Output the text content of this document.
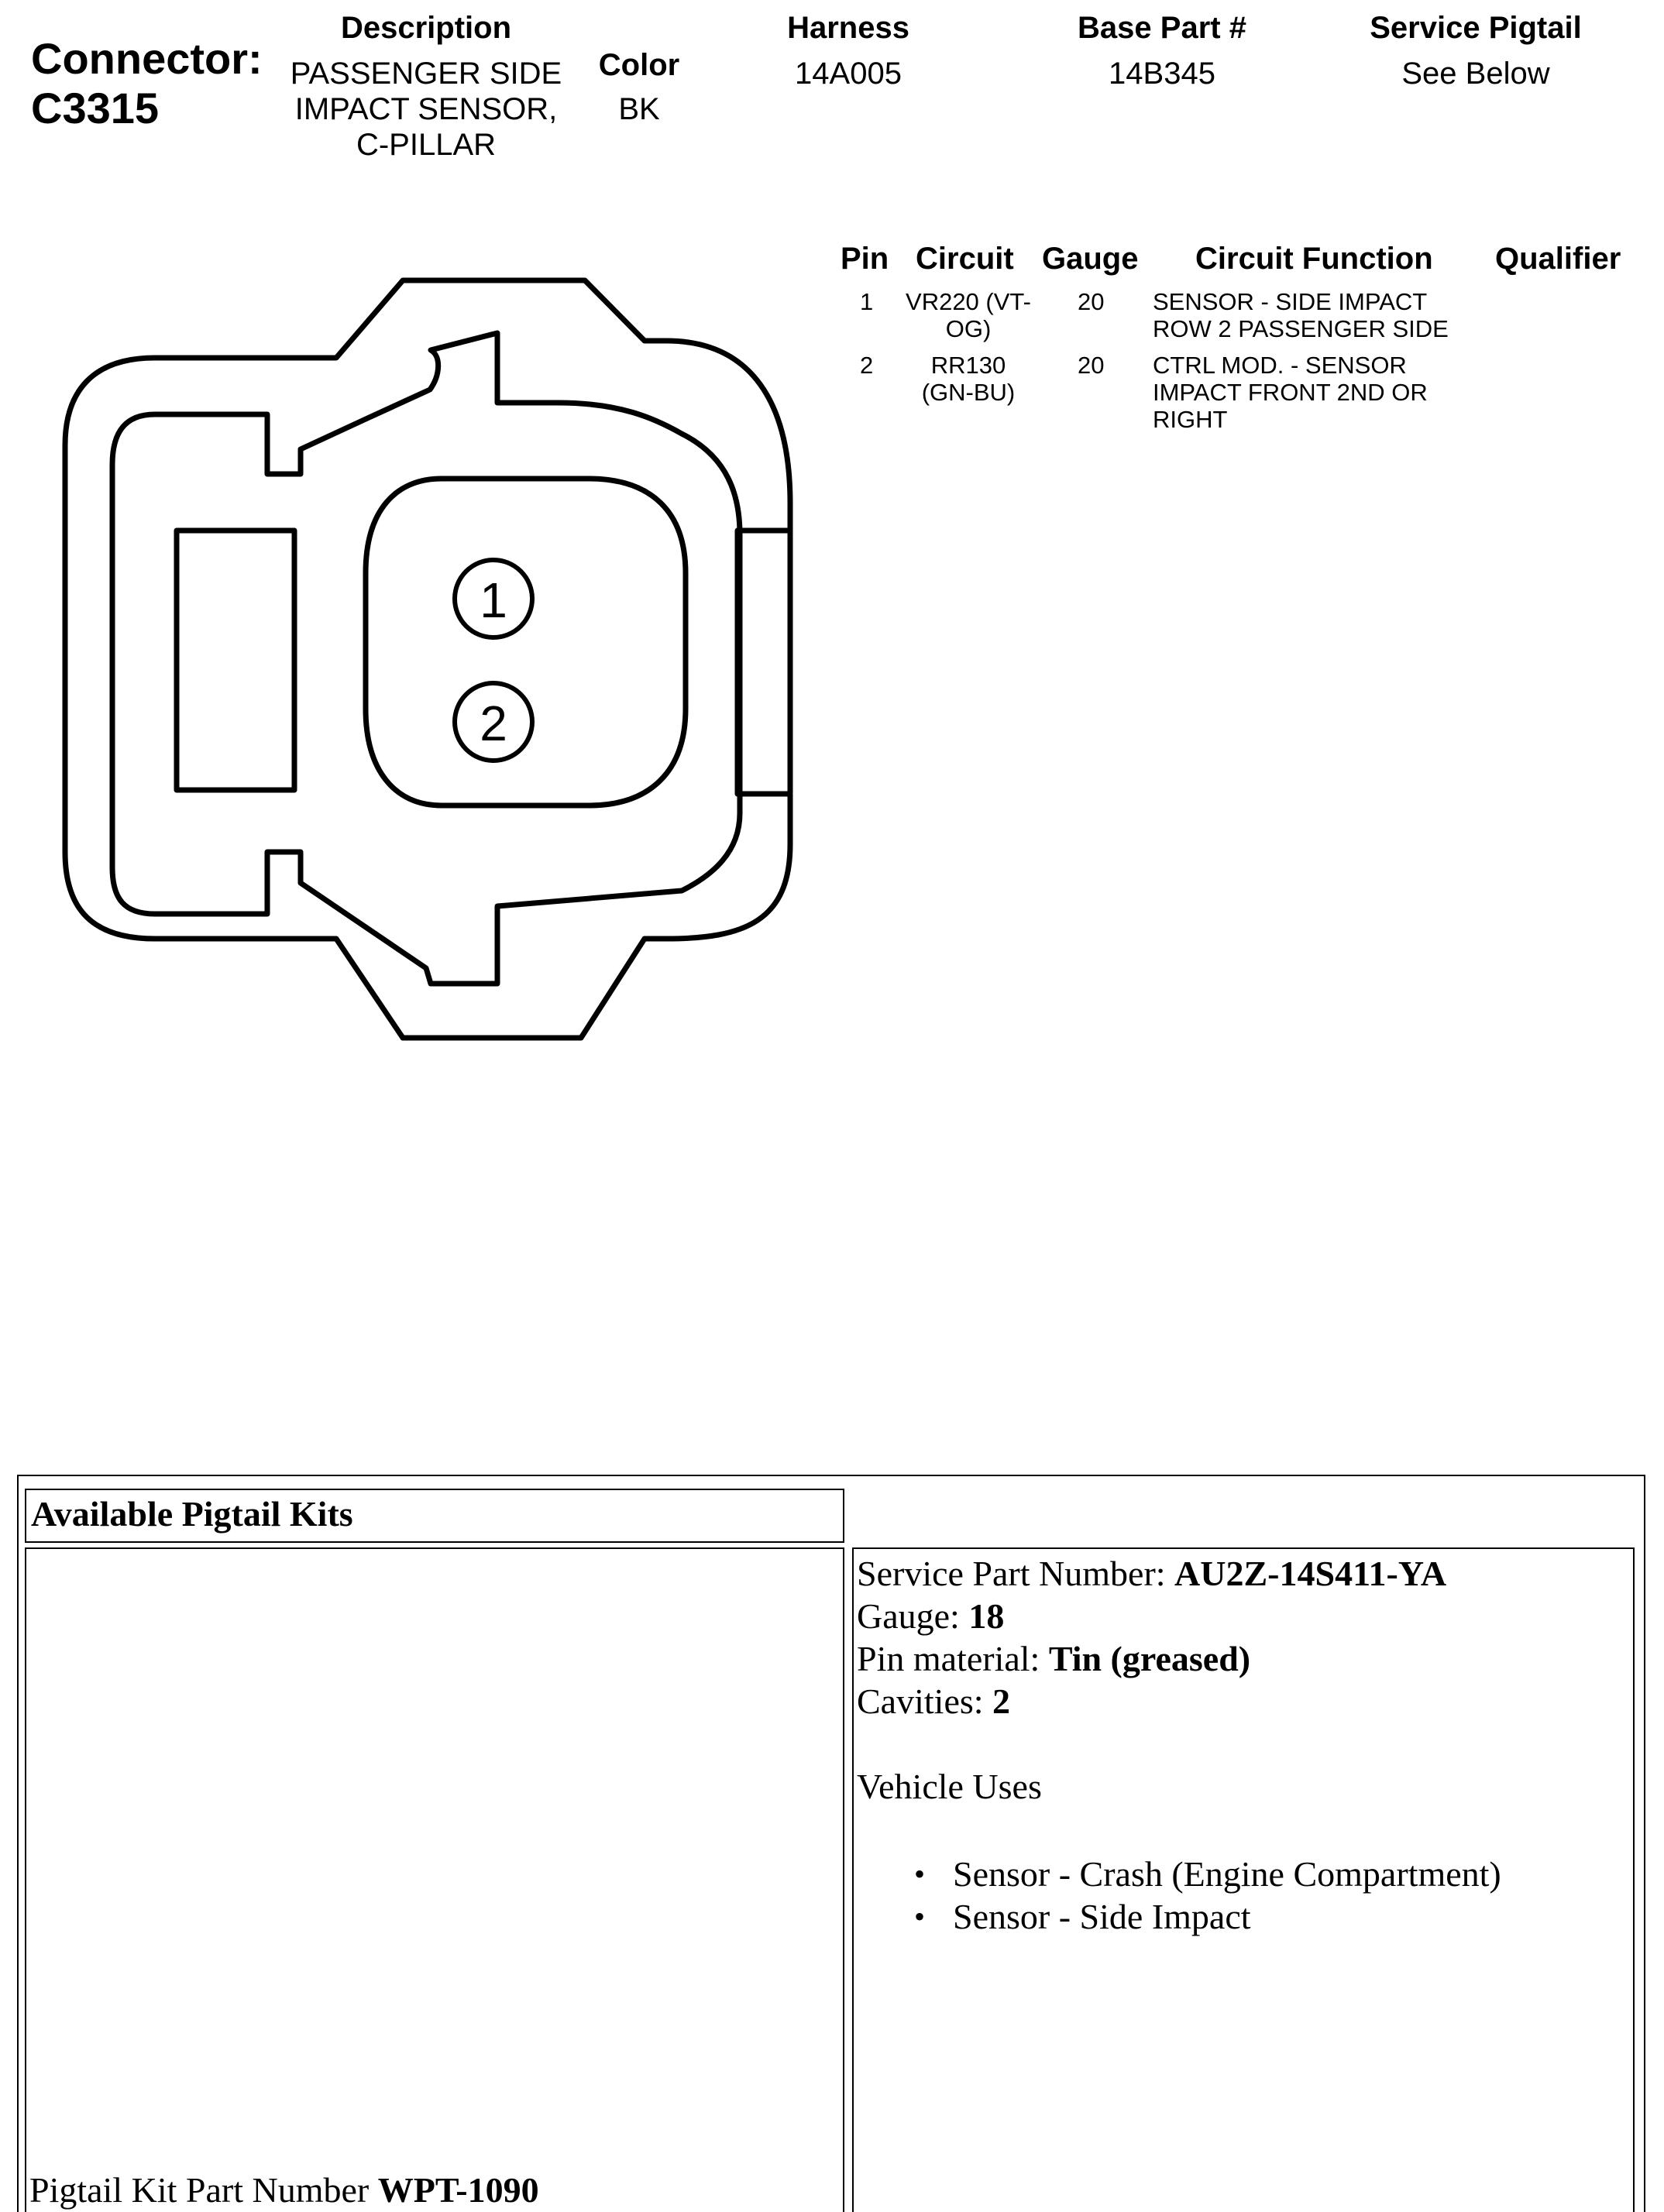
Connector:
C3315
Description
PASSENGER SIDE
IMPACT SENSOR,
C-PILLAR
Color
BK
Harness
14A005
Base Part #
14B345
Service Pigtail
See Below
Pin Circuit Gauge Circuit Function Qualifier
1 VR220 (VT-
OG)
20 SENSOR - SIDE IMPACT
ROW 2 PASSENGER SIDE
2	RR130
(GN-BU)
20 CTRL MOD. - SENSOR
IMPACT FRONT 2ND OR
RIGHT
1
2
Available Pigtail Kits
Pigtail Kit Part Number WPT-1090
Service Part Number: AU2Z-14S411-YA
Gauge: 18
Pin material: Tin (greased)
Cavities: 2
Vehicle Uses
• Sensor - Crash (Engine Compartment)
• Sensor - Side Impact
